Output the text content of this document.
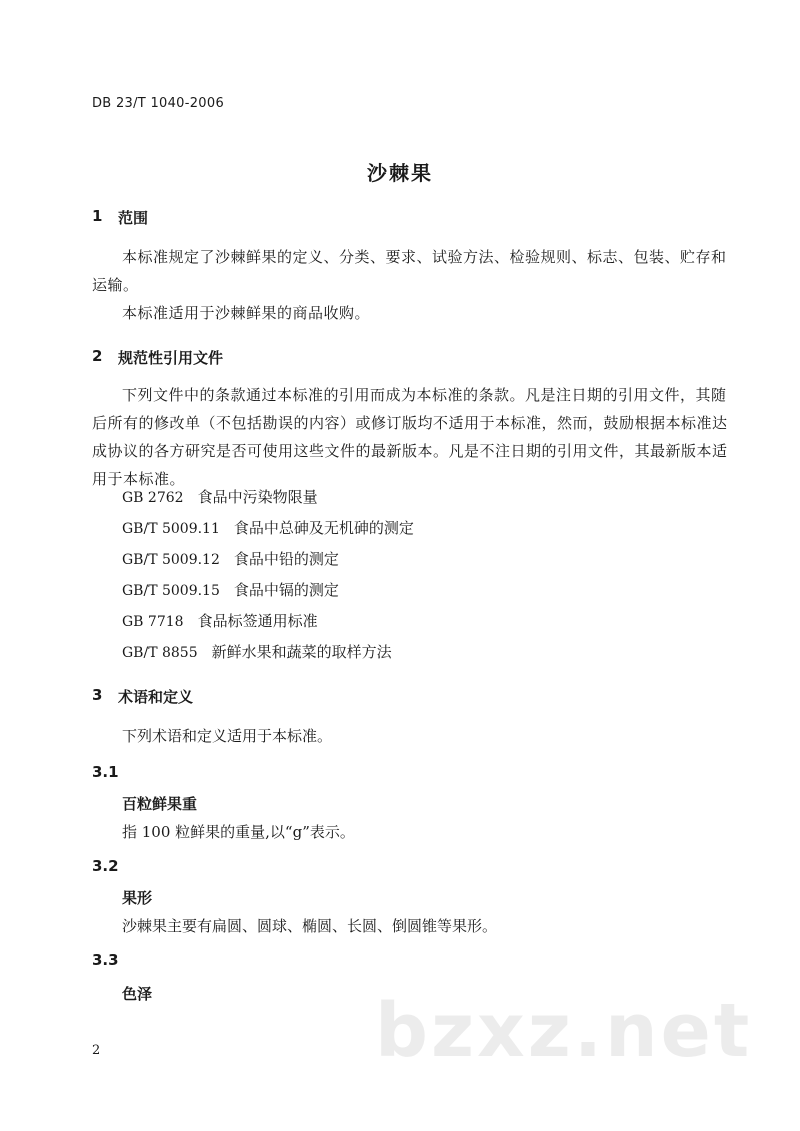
DB 23/T 1040-2006
沙棘果
1 范围
本标准规定了沙棘鲜果的定义、分类、要求、试验方法、检验规则、标志、包装、贮存和运输。
本标准适用于沙棘鲜果的商品收购。
2 规范性引用文件
下列文件中的条款通过本标准的引用而成为本标准的条款。凡是注日期的引用文件，其随后所有的修改单（不包括勘误的内容）或修订版均不适用于本标准，然而，鼓励根据本标准达成协议的各方研究是否可使用这些文件的最新版本。凡是不注日期的引用文件，其最新版本适用于本标准。
GB 2762 食品中污染物限量
GB/T 5009.11 食品中总砷及无机砷的测定
GB/T 5009.12 食品中铅的测定
GB/T 5009.15 食品中镉的测定
GB 7718 食品标签通用标准
GB/T 8855 新鲜水果和蔬菜的取样方法
3 术语和定义
下列术语和定义适用于本标准。
3.1
百粒鲜果重
指 100 粒鲜果的重量,以“g”表示。
3.2
果形
沙棘果主要有扁圆、圆球、椭圆、长圆、倒圆锥等果形。
3.3
色泽
2	bzxz.net
